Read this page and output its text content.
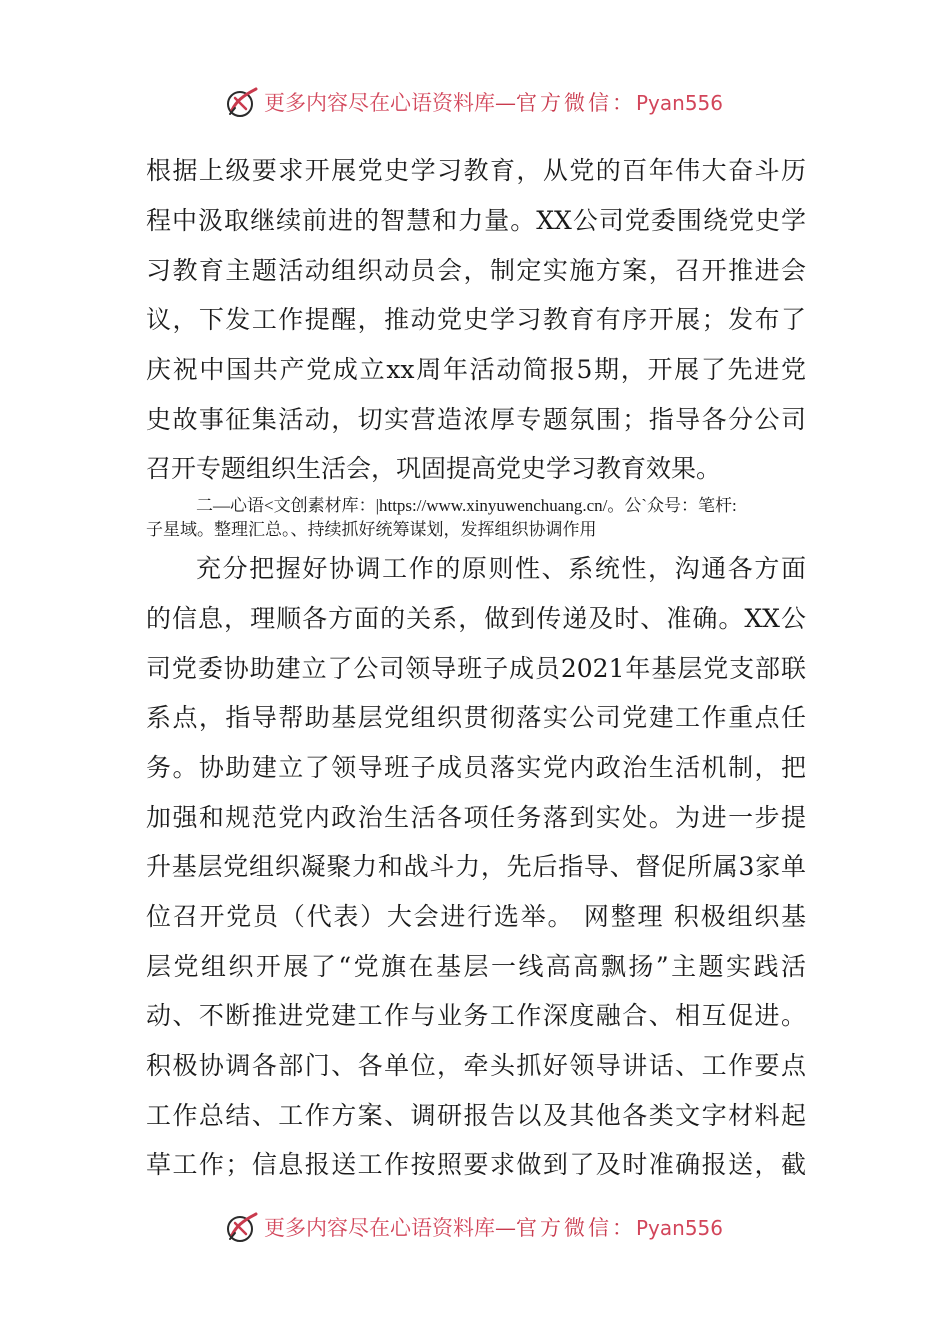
更多内容尽在心语资料库—官方微信：Pyan556
根据上级要求开展党史学习教育，从党的百年伟大奋斗历
程中汲取继续前进的智慧和力量。XX公司党委围绕党史学
习教育主题活动组织动员会，制定实施方案，召开推进会
议，下发工作提醒，推动党史学习教育有序开展；发布了
庆祝中国共产党成立xx周年活动简报5期，开展了先进党
史故事征集活动，切实营造浓厚专题氛围；指导各分公司
召开专题组织生活会，巩固提高党史学习教育效果。
二—心语<文创素材库：|https://www.xinyuwenchuang.cn/。公`众号：笔杆:
子星域。整理汇总。、持续抓好统筹谋划，发挥组织协调作用
充分把握好协调工作的原则性、系统性，沟通各方面
的信息，理顺各方面的关系，做到传递及时、准确。XX公
司党委协助建立了公司领导班子成员2021年基层党支部联
系点，指导帮助基层党组织贯彻落实公司党建工作重点任
务。协助建立了领导班子成员落实党内政治生活机制，把
加强和规范党内政治生活各项任务落到实处。为进一步提
升基层党组织凝聚力和战斗力，先后指导、督促所属3家单
位召开党员（代表）大会进行选举。 网整理 积极组织基
层党组织开展了“党旗在基层一线高高飘扬”主题实践活
动、不断推进党建工作与业务工作深度融合、相互促进。
积极协调各部门、各单位，牵头抓好领导讲话、工作要点
工作总结、工作方案、调研报告以及其他各类文字材料起
草工作；信息报送工作按照要求做到了及时准确报送，截
更多内容尽在心语资料库—官方微信：Pyan556
